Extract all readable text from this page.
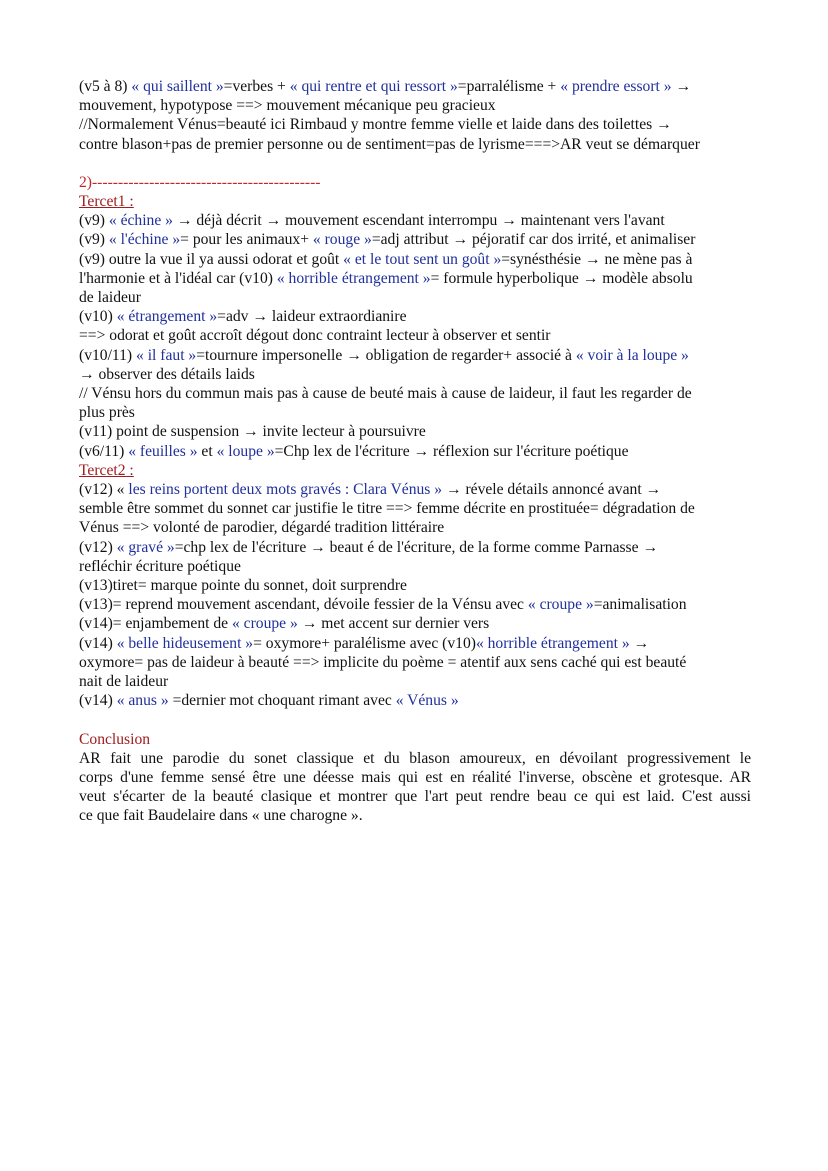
(v5 à 8) « qui saillent »=verbes + « qui rentre et qui ressort »=parralélisme + « prendre essort » →
mouvement, hypotypose ==> mouvement mécanique peu gracieux
//Normalement Vénus=beauté ici Rimbaud y montre femme vielle et laide dans des toilettes →
contre blason+pas de premier personne ou de sentiment=pas de lyrisme===>AR veut se démarquer
2)--------------------------------------------
Tercet1 :
(v9) « échine » → déjà décrit → mouvement escendant interrompu → maintenant vers l'avant
(v9) « l'échine »= pour les animaux+ « rouge »=adj attribut → péjoratif car dos irrité, et animaliser
(v9) outre la vue il ya aussi odorat et goût « et le tout sent un goût »=synésthésie → ne mène pas à
l'harmonie et à l'idéal car (v10) « horrible étrangement »= formule hyperbolique → modèle absolu
de laideur
(v10) « étrangement »=adv → laideur extraordianire
==> odorat et goût accroît dégout donc contraint lecteur à observer et sentir
(v10/11) « il faut »=tournure impersonelle → obligation de regarder+ associé à « voir à la loupe »
→ observer des détails laids
// Vénsu hors du commun mais pas à cause de beuté mais à cause de laideur, il faut les regarder de
plus près
(v11) point de suspension → invite lecteur à poursuivre
(v6/11) « feuilles » et « loupe »=Chp lex de l'écriture → réflexion sur l'écriture poétique
Tercet2 :
(v12) « les reins portent deux mots gravés : Clara Vénus » → révele détails annoncé avant →
semble être sommet du sonnet car justifie le titre ==> femme décrite en prostituée= dégradation de
Vénus ==> volonté de parodier, dégardé tradition littéraire
(v12) « gravé »=chp lex de l'écriture → beaut é de l'écriture, de la forme comme Parnasse →
refléchir écriture poétique
(v13)tiret= marque pointe du sonnet, doit surprendre
(v13)= reprend mouvement ascendant, dévoile fessier de la Vénsu avec « croupe »=animalisation
(v14)= enjambement de « croupe » → met accent sur dernier vers
(v14) « belle hideusement »= oxymore+ paralélisme avec (v10)« horrible étrangement » →
oxymore= pas de laideur à beauté ==> implicite du poème = atentif aux sens caché qui est beauté
nait de laideur
(v14) « anus » =dernier mot choquant rimant avec « Vénus »
Conclusion
AR fait une parodie du sonet classique et du blason amoureux, en dévoilant progressivement le
corps d'une femme sensé être une déesse mais qui est en réalité l'inverse, obscène et grotesque. AR
veut s'écarter de la beauté clasique et montrer que l'art peut rendre beau ce qui est laid. C'est aussi
ce que fait Baudelaire dans « une charogne ».
